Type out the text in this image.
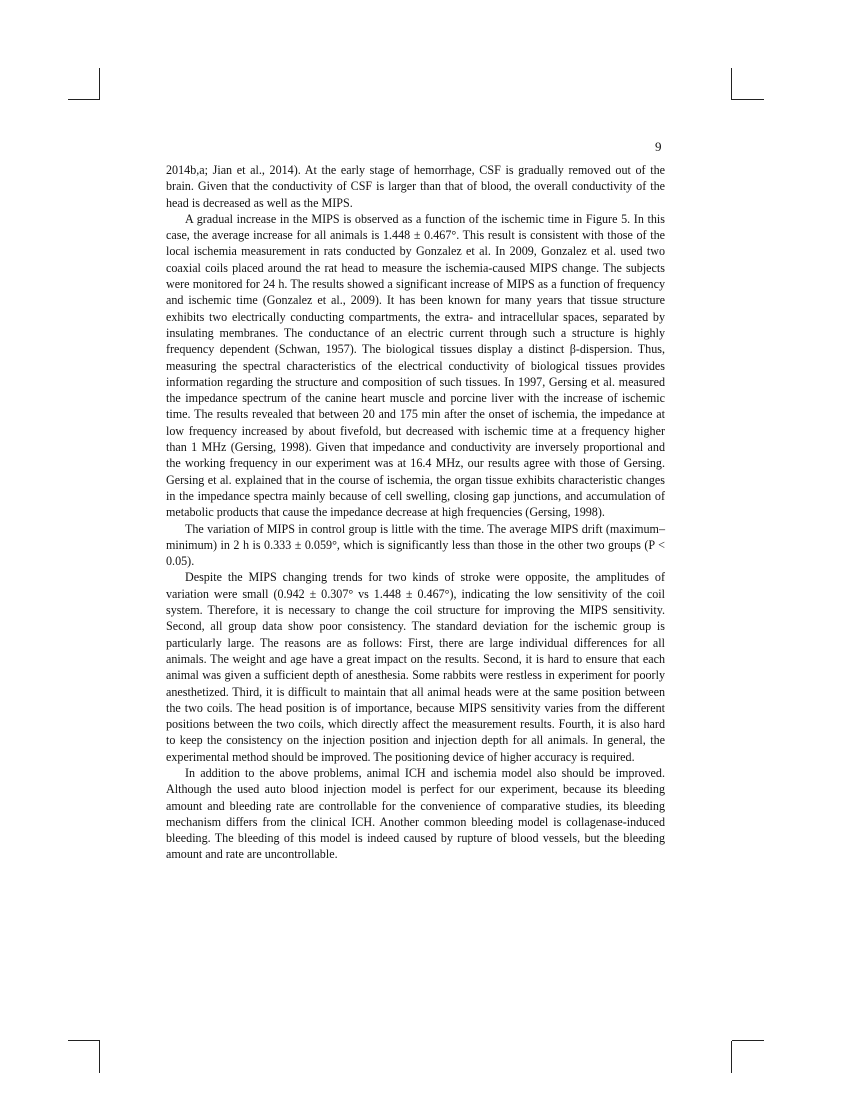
9

2014b,a; Jian et al., 2014). At the early stage of hemorrhage, CSF is gradually removed out of the brain. Given that the conductivity of CSF is larger than that of blood, the overall conductivity of the head is decreased as well as the MIPS.

A gradual increase in the MIPS is observed as a function of the ischemic time in Figure 5. In this case, the average increase for all animals is 1.448 ± 0.467°. This result is consistent with those of the local ischemia measurement in rats conducted by Gonzalez et al. In 2009, Gonzalez et al. used two coaxial coils placed around the rat head to measure the ischemia-caused MIPS change. The subjects were monitored for 24 h. The results showed a significant increase of MIPS as a function of frequency and ischemic time (Gonzalez et al., 2009). It has been known for many years that tissue structure exhibits two electrically conducting compartments, the extra- and intracellular spaces, separated by insulating membranes. The conductance of an electric current through such a structure is highly frequency dependent (Schwan, 1957). The biological tissues display a distinct β-dispersion. Thus, measuring the spectral characteristics of the electrical conductivity of biological tissues provides information regarding the structure and composition of such tissues. In 1997, Gersing et al. measured the impedance spectrum of the canine heart muscle and porcine liver with the increase of ischemic time. The results revealed that between 20 and 175 min after the onset of ischemia, the impedance at low frequency increased by about fivefold, but decreased with ischemic time at a frequency higher than 1 MHz (Gersing, 1998). Given that impedance and conductivity are inversely proportional and the working frequency in our experiment was at 16.4 MHz, our results agree with those of Gersing. Gersing et al. explained that in the course of ischemia, the organ tissue exhibits characteristic changes in the impedance spectra mainly because of cell swelling, closing gap junctions, and accumulation of metabolic products that cause the impedance decrease at high frequencies (Gersing, 1998).

The variation of MIPS in control group is little with the time. The average MIPS drift (maximum–minimum) in 2 h is 0.333 ± 0.059°, which is significantly less than those in the other two groups (P < 0.05).

Despite the MIPS changing trends for two kinds of stroke were opposite, the amplitudes of variation were small (0.942 ± 0.307° vs 1.448 ± 0.467°), indicating the low sensitivity of the coil system. Therefore, it is necessary to change the coil structure for improving the MIPS sensitivity. Second, all group data show poor consistency. The standard deviation for the ischemic group is particularly large. The reasons are as follows: First, there are large individual differences for all animals. The weight and age have a great impact on the results. Second, it is hard to ensure that each animal was given a sufficient depth of anesthesia. Some rabbits were restless in experiment for poorly anesthetized. Third, it is difficult to maintain that all animal heads were at the same position between the two coils. The head position is of importance, because MIPS sensitivity varies from the different positions between the two coils, which directly affect the measurement results. Fourth, it is also hard to keep the consistency on the injection position and injection depth for all animals. In general, the experimental method should be improved. The positioning device of higher accuracy is required.

In addition to the above problems, animal ICH and ischemia model also should be improved. Although the used auto blood injection model is perfect for our experiment, because its bleeding amount and bleeding rate are controllable for the convenience of comparative studies, its bleeding mechanism differs from the clinical ICH. Another common bleeding model is collagenase-induced bleeding. The bleeding of this model is indeed caused by rupture of blood vessels, but the bleeding amount and rate are uncontrollable.
